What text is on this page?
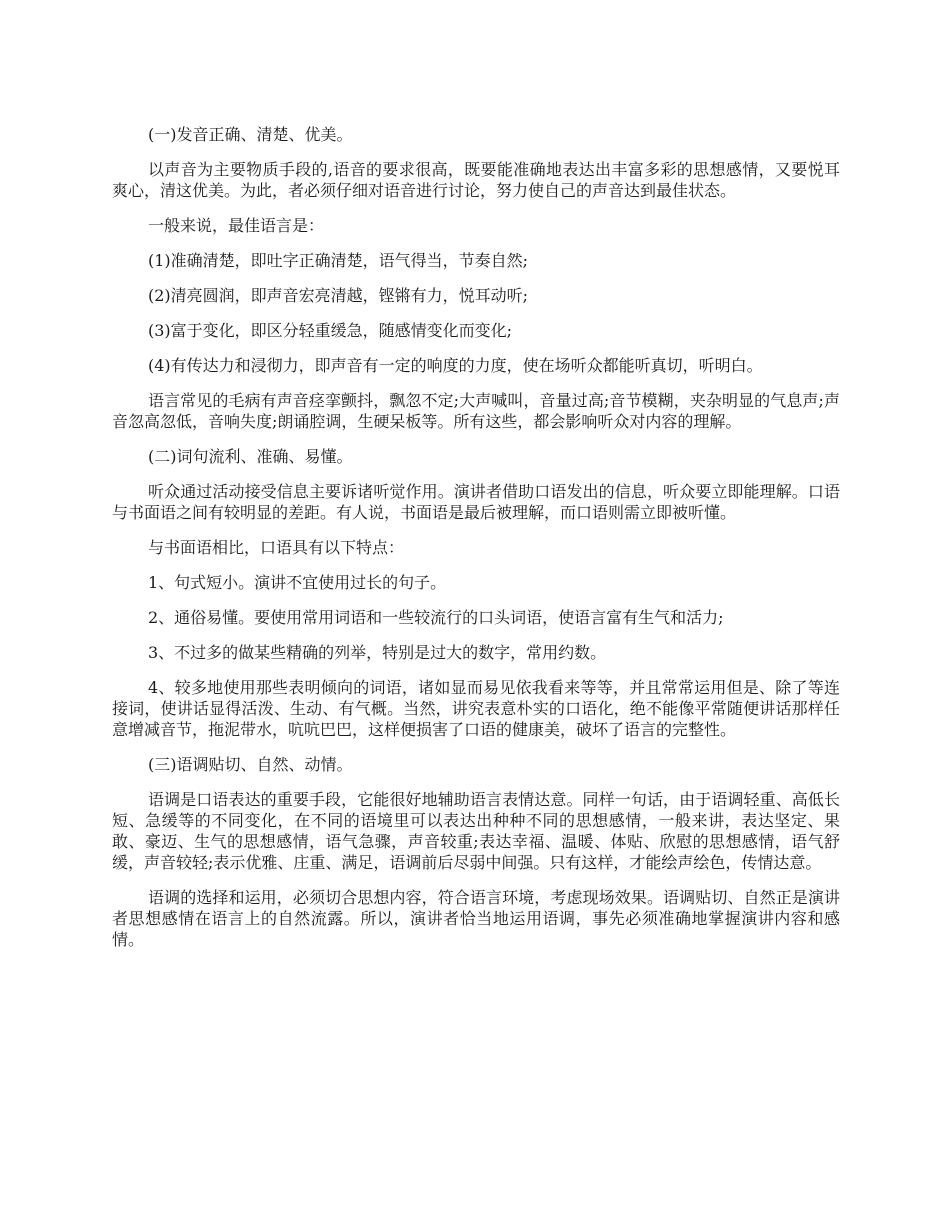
(一)发音正确、清楚、优美。

以声音为主要物质手段的,语音的要求很高，既要能准确地表达出丰富多彩的思想感情，又要悦耳爽心，清这优美。为此，者必须仔细对语音进行讨论，努力使自己的声音达到最佳状态。

一般来说，最佳语言是：

(1)准确清楚，即吐字正确清楚，语气得当，节奏自然;

(2)清亮圆润，即声音宏亮清越，铿锵有力，悦耳动听;

(3)富于变化，即区分轻重缓急，随感情变化而变化;

(4)有传达力和浸彻力，即声音有一定的响度的力度，使在场听众都能听真切，听明白。

语言常见的毛病有声音痉挛颤抖，飘忽不定;大声喊叫，音量过高;音节模糊，夹杂明显的气息声;声音忽高忽低，音响失度;朗诵腔调，生硬呆板等。所有这些，都会影响听众对内容的理解。

(二)词句流利、准确、易懂。

听众通过活动接受信息主要诉诸听觉作用。演讲者借助口语发出的信息，听众要立即能理解。口语与书面语之间有较明显的差距。有人说，书面语是最后被理解，而口语则需立即被听懂。

与书面语相比，口语具有以下特点：

1、句式短小。演讲不宜使用过长的句子。

2、通俗易懂。要使用常用词语和一些较流行的口头词语，使语言富有生气和活力;

3、不过多的做某些精确的列举，特别是过大的数字，常用约数。

4、较多地使用那些表明倾向的词语，诸如显而易见依我看来等等，并且常常运用但是、除了等连接词，使讲话显得活泼、生动、有气概。当然，讲究表意朴实的口语化，绝不能像平常随便讲话那样任意增减音节，拖泥带水，吭吭巴巴，这样便损害了口语的健康美，破坏了语言的完整性。

(三)语调贴切、自然、动情。

语调是口语表达的重要手段，它能很好地辅助语言表情达意。同样一句话，由于语调轻重、高低长短、急缓等的不同变化，在不同的语境里可以表达出种种不同的思想感情，一般来讲，表达坚定、果敢、豪迈、生气的思想感情，语气急骤，声音较重;表达幸福、温暖、体贴、欣慰的思想感情，语气舒缓，声音较轻;表示优雅、庄重、满足，语调前后尽弱中间强。只有这样，才能绘声绘色，传情达意。

语调的选择和运用，必须切合思想内容，符合语言环境，考虑现场效果。语调贴切、自然正是演讲者思想感情在语言上的自然流露。所以，演讲者恰当地运用语调，事先必须准确地掌握演讲内容和感情。
